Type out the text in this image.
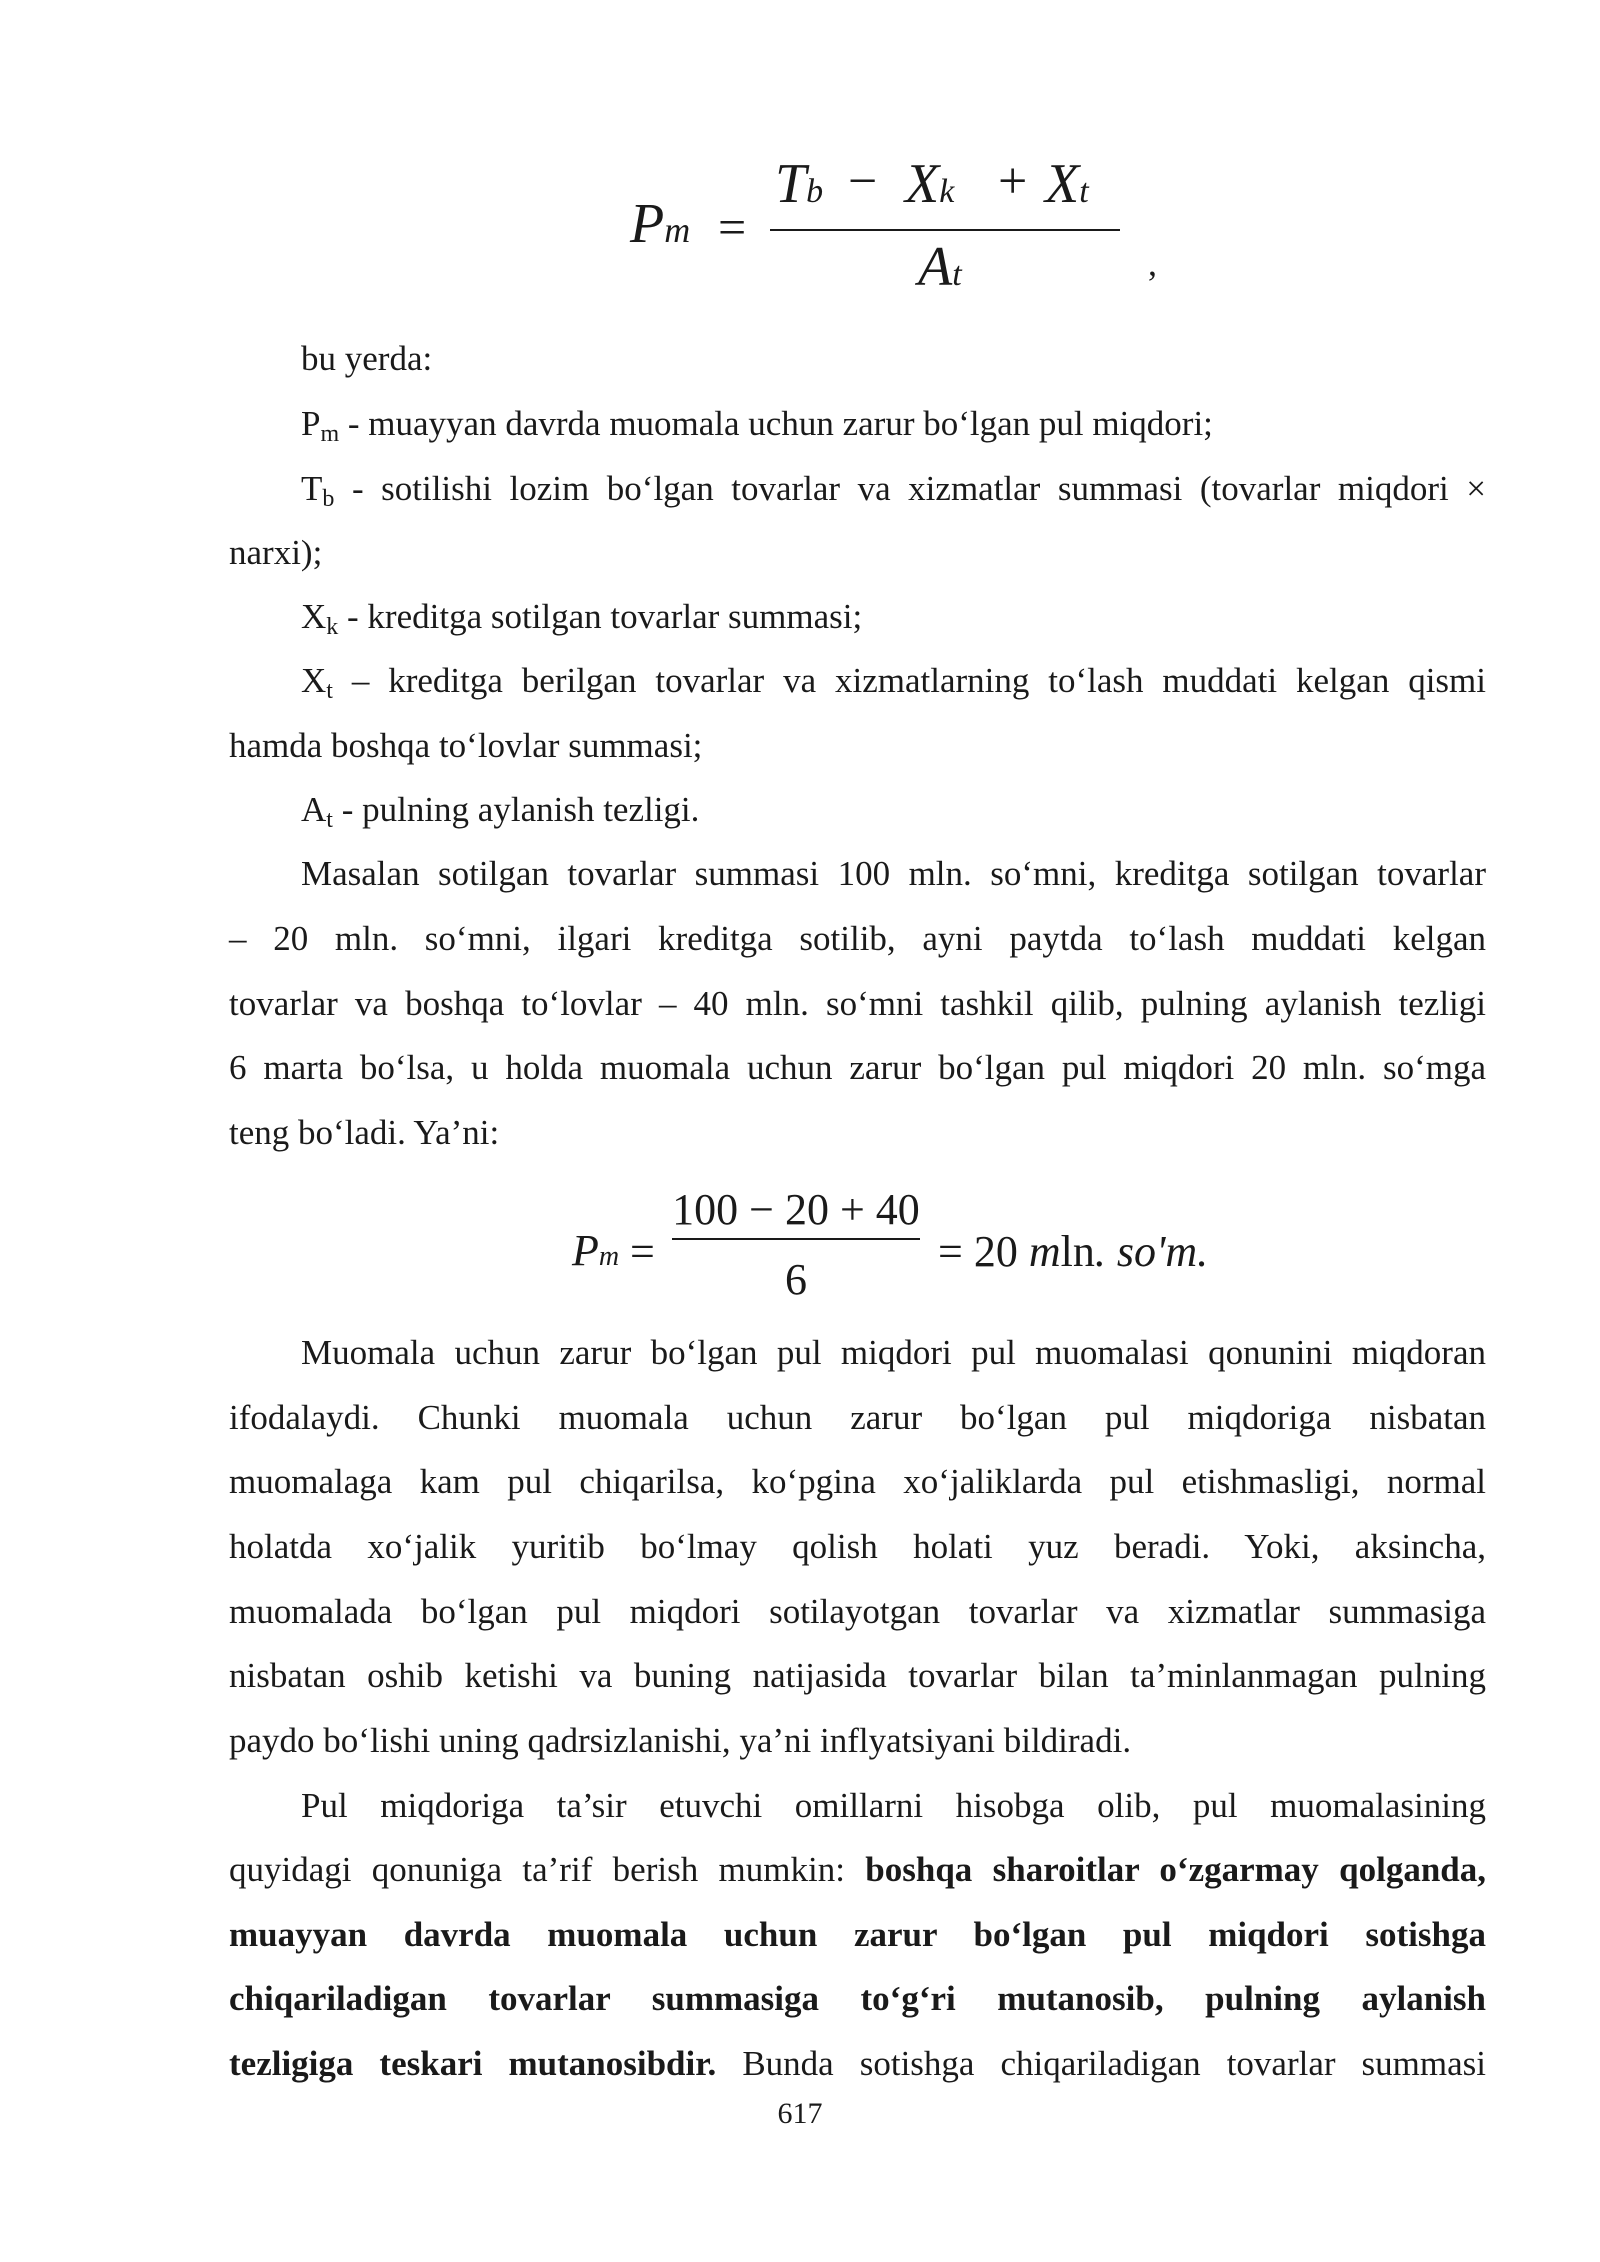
Pm =
Tb − Xk + Xt
At	,
bu yerda:
Pm - muayyan davrda muomala uchun zarur bo‘lgan pul miqdori;
Tb - sotilishi lozim bo‘lgan tovarlar va xizmatlar summasi (tovarlar miqdori ×
narxi);
Xk - kreditga sotilgan tovarlar summasi;
Xt – kreditga berilgan tovarlar va xizmatlarning to‘lash muddati kelgan qismi
hamda boshqa to‘lovlar summasi;
At - pulning aylanish tezligi.
Masalan sotilgan tovarlar summasi 100 mln. so‘mni, kreditga sotilgan tovarlar
– 20 mln. so‘mni, ilgari kreditga sotilib, ayni paytda to‘lash muddati kelgan
tovarlar va boshqa to‘lovlar – 40 mln. so‘mni tashkil qilib, pulning aylanish tezligi
6 marta bo‘lsa, u holda muomala uchun zarur bo‘lgan pul miqdori 20 mln. so‘mga
teng bo‘ladi. Ya’ni:
Pm =
100 − 20 + 40
6
= 20 mln. so'm.
Muomala uchun zarur bo‘lgan pul miqdori pul muomalasi qonunini miqdoran
ifodalaydi. Chunki muomala uchun zarur bo‘lgan pul miqdoriga nisbatan
muomalaga kam pul chiqarilsa, ko‘pgina xo‘jaliklarda pul etishmasligi, normal
holatda xo‘jalik yuritib bo‘lmay qolish holati yuz beradi. Yoki, aksincha,
muomalada bo‘lgan pul miqdori sotilayotgan tovarlar va xizmatlar summasiga
nisbatan oshib ketishi va buning natijasida tovarlar bilan ta’minlanmagan pulning
paydo bo‘lishi uning qadrsizlanishi, ya’ni inflyatsiyani bildiradi.
Pul miqdoriga ta’sir etuvchi omillarni hisobga olib, pul muomalasining
quyidagi qonuniga ta’rif berish mumkin: boshqa sharoitlar o‘zgarmay qolganda,
muayyan davrda muomala uchun zarur bo‘lgan pul miqdori sotishga
chiqariladigan tovarlar summasiga to‘g‘ri mutanosib, pulning aylanish
tezligiga teskari mutanosibdir. Bunda sotishga chiqariladigan tovarlar summasi
617
